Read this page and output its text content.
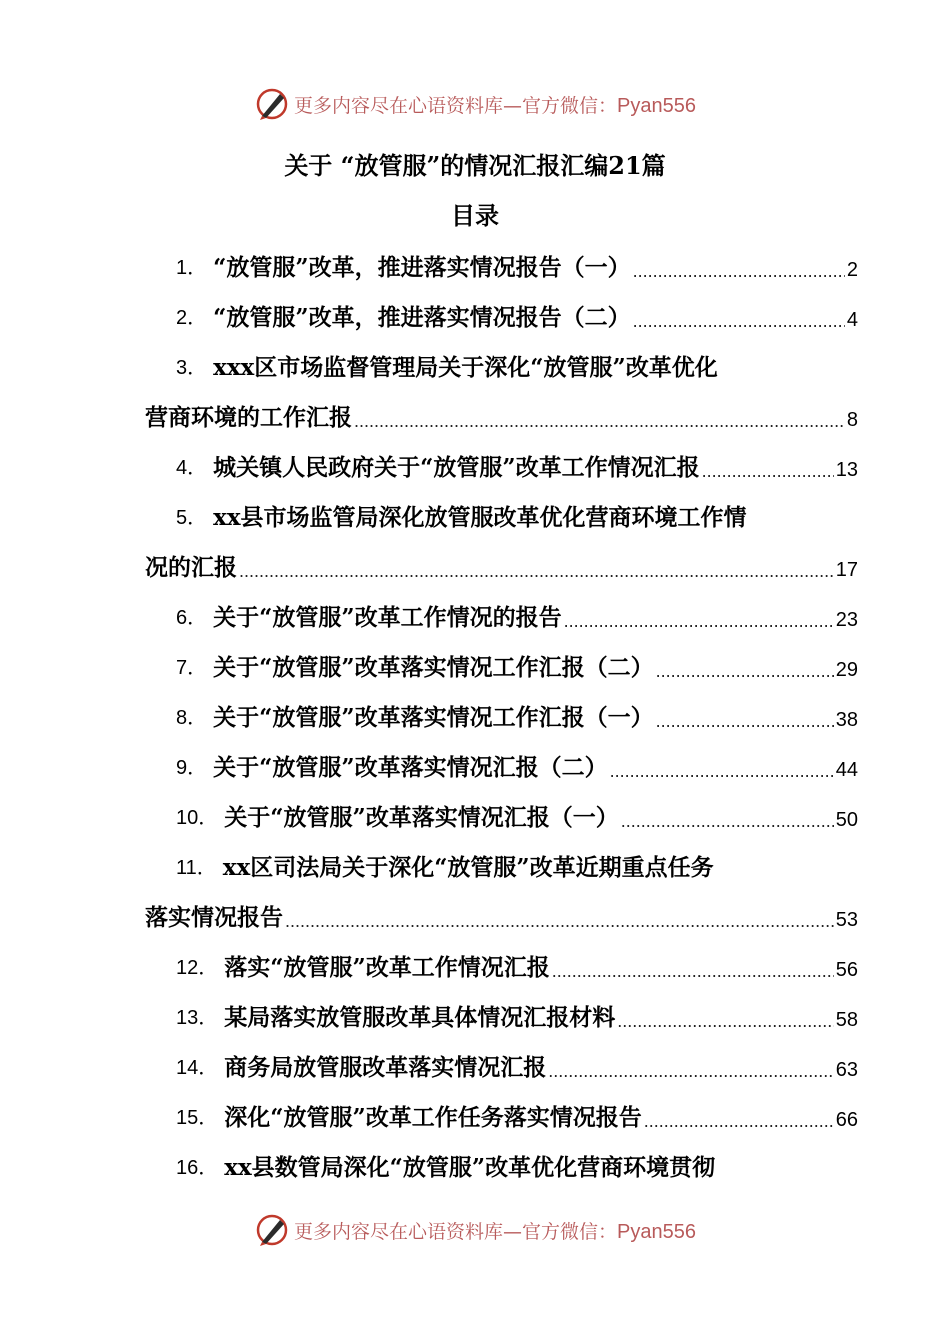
更多内容尽在心语资料库—官方微信：Pyan556
关于 “放管服”的情况汇报汇编21篇
目录
1． “放管服”改革，推进落实情况报告（一） .....	2
2． “放管服”改革，推进落实情况报告（二） .....	4
3． xxx区市场监督管理局关于深化“放管服”改革优化
营商环境的工作汇报 .....	8
4． 城关镇人民政府关于“放管服”改革工作情况汇报 .....	13
5． xx县市场监管局深化放管服改革优化营商环境工作情
况的汇报 .....	17
6． 关于“放管服”改革工作情况的报告 .....	23
7． 关于“放管服”改革落实情况工作汇报（二） .....	29
8． 关于“放管服”改革落实情况工作汇报（一） .....	38
9． 关于“放管服”改革落实情况汇报（二） .....	44
10． 关于“放管服”改革落实情况汇报（一） .....	50
11． xx区司法局关于深化“放管服”改革近期重点任务
落实情况报告 .....	53
12． 落实“放管服”改革工作情况汇报 .....	56
13． 某局落实放管服改革具体情况汇报材料 .....	58
14． 商务局放管服改革落实情况汇报 .....	63
15． 深化“放管服”改革工作任务落实情况报告 .....	66
16． xx县数管局深化“放管服”改革优化营商环境贯彻
更多内容尽在心语资料库—官方微信：Pyan556
